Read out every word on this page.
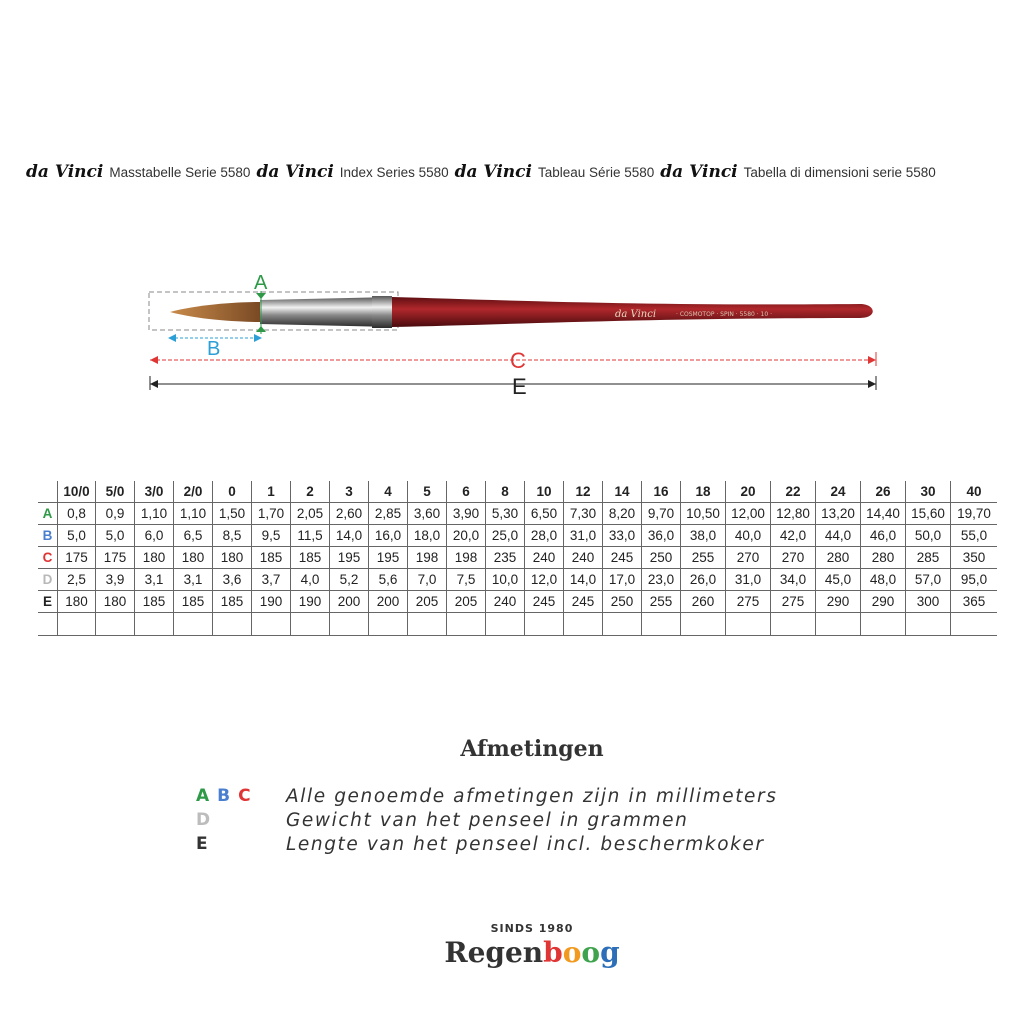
da Vinci Masstabelle Serie 5580 da Vinci Index Series 5580 da Vinci Tableau Série 5580 da Vinci Tabella di dimensioni serie 5580
da Vinci	· COSMOTOP · SPIN · 5580 · 10 ·
A
B	C
E
	10/0	5/0	3/0	2/0	0	1	2	3	4	5	6	8	10	12	14	16	18	20	22	24	26	30	40
A	0,8	0,9	1,10	1,10	1,50	1,70	2,05	2,60	2,85	3,60	3,90	5,30	6,50	7,30	8,20	9,70	10,50	12,00	12,80	13,20	14,40	15,60	19,70
B	5,0	5,0	6,0	6,5	8,5	9,5	11,5	14,0	16,0	18,0	20,0	25,0	28,0	31,0	33,0	36,0	38,0	40,0	42,0	44,0	46,0	50,0	55,0
C	175	175	180	180	180	185	185	195	195	198	198	235	240	240	245	250	255	270	270	280	280	285	350
D	2,5	3,9	3,1	3,1	3,6	3,7	4,0	5,2	5,6	7,0	7,5	10,0	12,0	14,0	17,0	23,0	26,0	31,0	34,0	45,0	48,0	57,0	95,0
E	180	180	185	185	185	190	190	200	200	205	205	240	245	245	250	255	260	275	275	290	290	300	365

Afmetingen
A B C	Alle genoemde afmetingen zijn in millimeters
D	Gewicht van het penseel in grammen
E	Lengte van het penseel incl. beschermkoker
SINDS 1980
Regenboog
